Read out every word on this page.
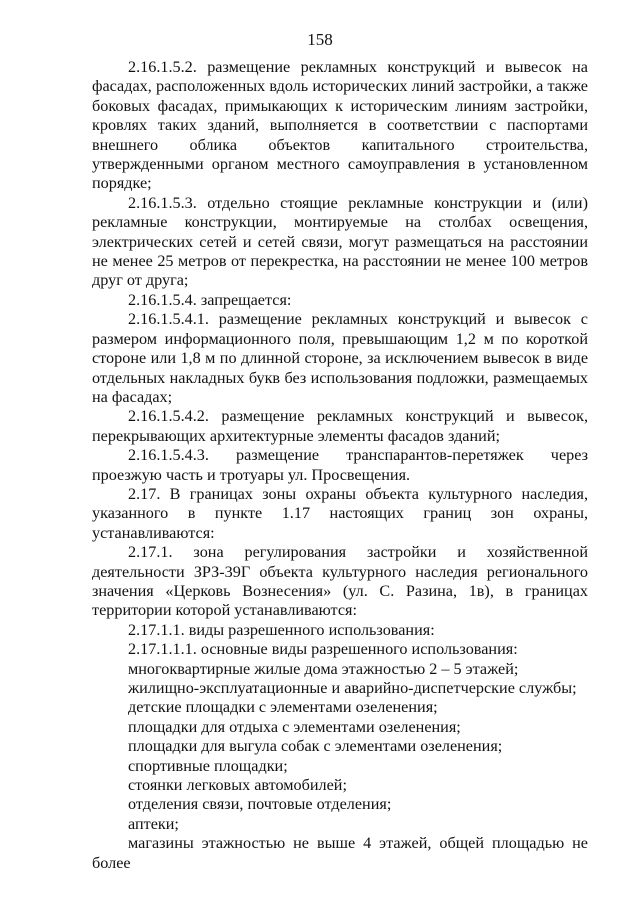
158

2.16.1.5.2. размещение рекламных конструкций и вывесок на фасадах, расположенных вдоль исторических линий застройки, а также боковых фасадах, примыкающих к историческим линиям застройки, кровлях таких зданий, выполняется в соответствии с паспортами внешнего облика объектов капитального строительства, утвержденными органом местного самоуправления в установленном порядке;

2.16.1.5.3. отдельно стоящие рекламные конструкции и (или) рекламные конструкции, монтируемые на столбах освещения, электрических сетей и сетей связи, могут размещаться на расстоянии не менее 25 метров от перекрестка, на расстоянии не менее 100 метров друг от друга;

2.16.1.5.4. запрещается:

2.16.1.5.4.1. размещение рекламных конструкций и вывесок с размером информационного поля, превышающим 1,2 м по короткой стороне или 1,8 м по длинной стороне, за исключением вывесок в виде отдельных накладных букв без использования подложки, размещаемых на фасадах;

2.16.1.5.4.2. размещение рекламных конструкций и вывесок, перекрывающих архитектурные элементы фасадов зданий;

2.16.1.5.4.3. размещение транспарантов-перетяжек через проезжую часть и тротуары ул. Просвещения.

2.17. В границах зоны охраны объекта культурного наследия, указанного в пункте 1.17 настоящих границ зон охраны, устанавливаются:

2.17.1. зона регулирования застройки и хозяйственной деятельности ЗРЗ-39Г объекта культурного наследия регионального значения «Церковь Вознесения» (ул. С. Разина, 1в), в границах территории которой устанавливаются:

2.17.1.1. виды разрешенного использования:

2.17.1.1.1. основные виды разрешенного использования:

многоквартирные жилые дома этажностью 2 – 5 этажей;

жилищно-эксплуатационные и аварийно-диспетчерские службы;

детские площадки с элементами озеленения;

площадки для отдыха с элементами озеленения;

площадки для выгула собак с элементами озеленения;

спортивные площадки;

стоянки легковых автомобилей;

отделения связи, почтовые отделения;

аптеки;

магазины этажностью не выше 4 этажей, общей площадью не более
